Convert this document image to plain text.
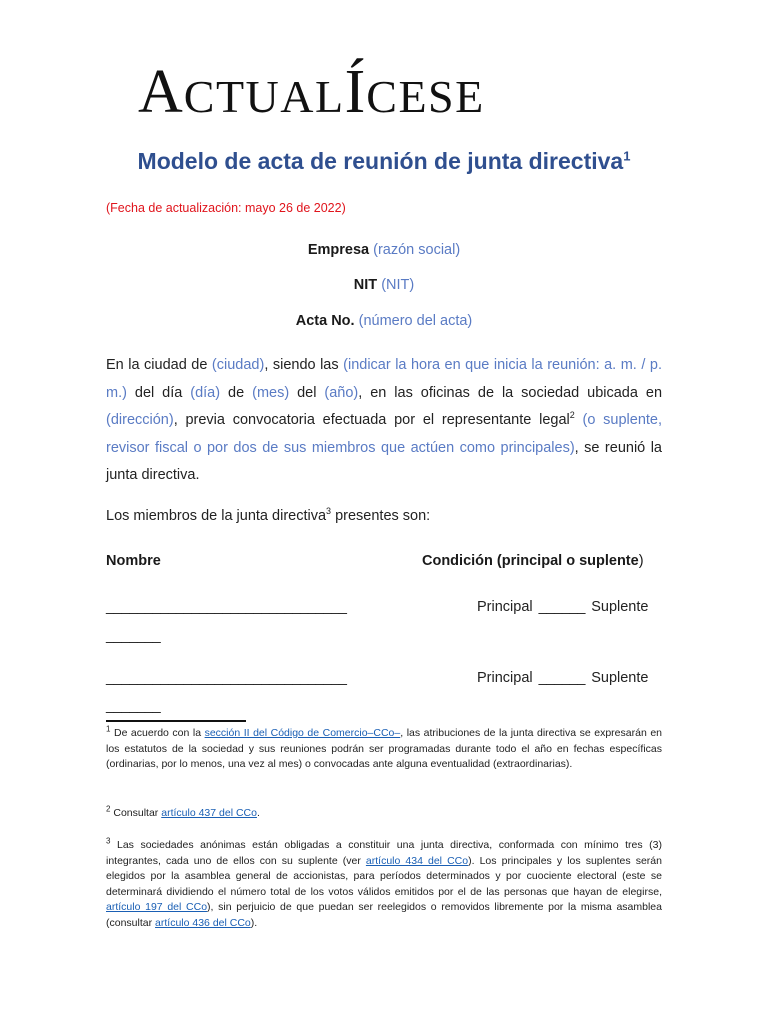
ACTUALÍCESE
Modelo de acta de reunión de junta directiva$^1$
(Fecha de actualización: mayo 26 de 2022)
Empresa (razón social)
NIT (NIT)
Acta No. (número del acta)
En la ciudad de (ciudad), siendo las (indicar la hora en que inicia la reunión: a. m. / p. m.) del día (día) de (mes) del (año), en las oficinas de la sociedad ubicada en (dirección), previa convocatoria efectuada por el representante legal$^2$ (o suplente, revisor fiscal o por dos de sus miembros que actúen como principales), se reunió la junta directiva.
Los miembros de la junta directiva$^3$ presentes son:
Nombre	Condición (principal o suplente)
_______________________________	Principal ______ Suplente
_______
_______________________________	Principal ______ Suplente
_______
$^1$ De acuerdo con la sección II del Código de Comercio–CCo–, las atribuciones de la junta directiva se expresarán en los estatutos de la sociedad y sus reuniones podrán ser programadas durante todo el año en fechas específicas (ordinarias, por lo menos, una vez al mes) o convocadas ante alguna eventualidad (extraordinarias).
$^2$ Consultar artículo 437 del CCo.
$^3$ Las sociedades anónimas están obligadas a constituir una junta directiva, conformada con mínimo tres (3) integrantes, cada uno de ellos con su suplente (ver artículo 434 del CCo). Los principales y los suplentes serán elegidos por la asamblea general de accionistas, para períodos determinados y por cuociente electoral (este se determinará dividiendo el número total de los votos válidos emitidos por el de las personas que hayan de elegirse, artículo 197 del CCo), sin perjuicio de que puedan ser reelegidos o removidos libremente por la misma asamblea (consultar artículo 436 del CCo).
